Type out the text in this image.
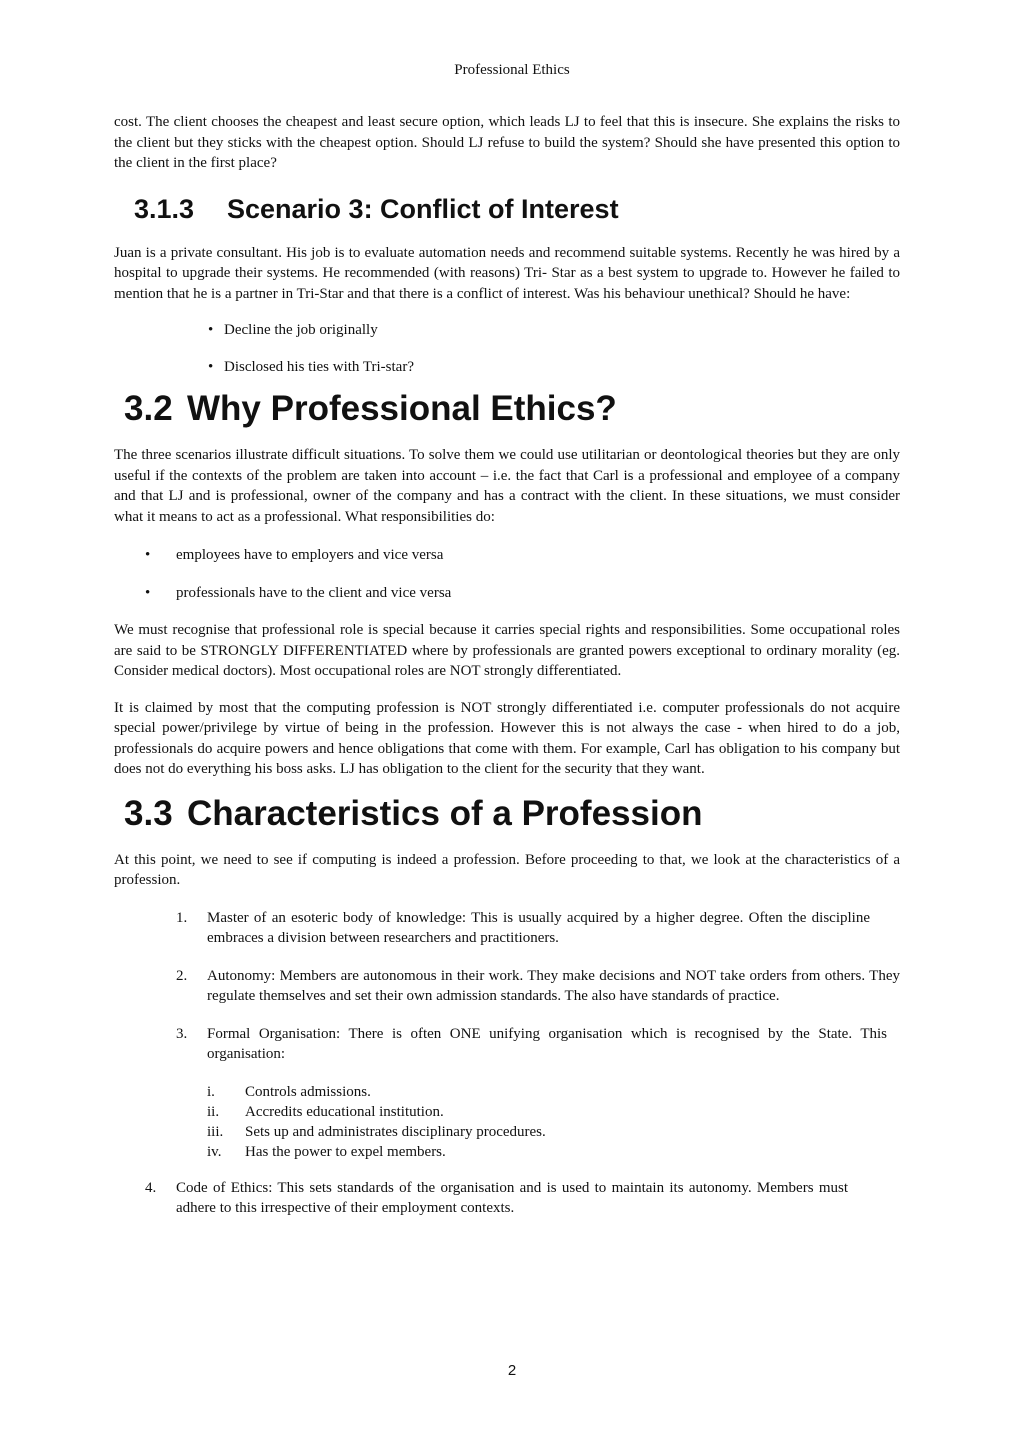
Professional Ethics

cost. The client chooses the cheapest and least secure option, which leads LJ to feel that this is insecure. She explains the risks to the client but they sticks with the cheapest option. Should LJ refuse to build the system? Should she have presented this option to the client in the first place?

3.1.3 Scenario 3: Conflict of Interest

Juan is a private consultant. His job is to evaluate automation needs and recommend suitable systems. Recently he was hired by a hospital to upgrade their systems. He recommended (with reasons) Tri- Star as a best system to upgrade to. However he failed to mention that he is a partner in Tri-Star and that there is a conflict of interest. Was his behaviour unethical? Should he have:

• Decline the job originally
• Disclosed his ties with Tri-star?
3.2 Why Professional Ethics?

The three scenarios illustrate difficult situations. To solve them we could use utilitarian or deontological theories but they are only useful if the contexts of the problem are taken into account – i.e. the fact that Carl is a professional and employee of a company and that LJ and is professional, owner of the company and has a contract with the client. In these situations, we must consider what it means to act as a professional. What responsibilities do:

• employees have to employers and vice versa
• professionals have to the client and vice versa

We must recognise that professional role is special because it carries special rights and responsibilities. Some occupational roles are said to be STRONGLY DIFFERENTIATED where by professionals are granted powers exceptional to ordinary morality (eg. Consider medical doctors). Most occupational roles are NOT strongly differentiated.

It is claimed by most that the computing profession is NOT strongly differentiated i.e. computer professionals do not acquire special power/privilege by virtue of being in the profession. However this is not always the case - when hired to do a job, professionals do acquire powers and hence obligations that come with them. For example, Carl has obligation to his company but does not do everything his boss asks. LJ has obligation to the client for the security that they want.

3.3 Characteristics of a Profession

At this point, we need to see if computing is indeed a profession. Before proceeding to that, we look at the characteristics of a profession.

1. Master of an esoteric body of knowledge: This is usually acquired by a higher degree. Often the discipline embraces a division between researchers and practitioners.
2. Autonomy: Members are autonomous in their work. They make decisions and NOT take orders from others. They regulate themselves and set their own admission standards. The also have standards of practice.
3. Formal Organisation: There is often ONE unifying organisation which is recognised by the State. This organisation:
i. Controls admissions.
ii. Accredits educational institution.
iii. Sets up and administrates disciplinary procedures.
iv. Has the power to expel members.
4. Code of Ethics: This sets standards of the organisation and is used to maintain its autonomy. Members must adhere to this irrespective of their employment contexts.
2
